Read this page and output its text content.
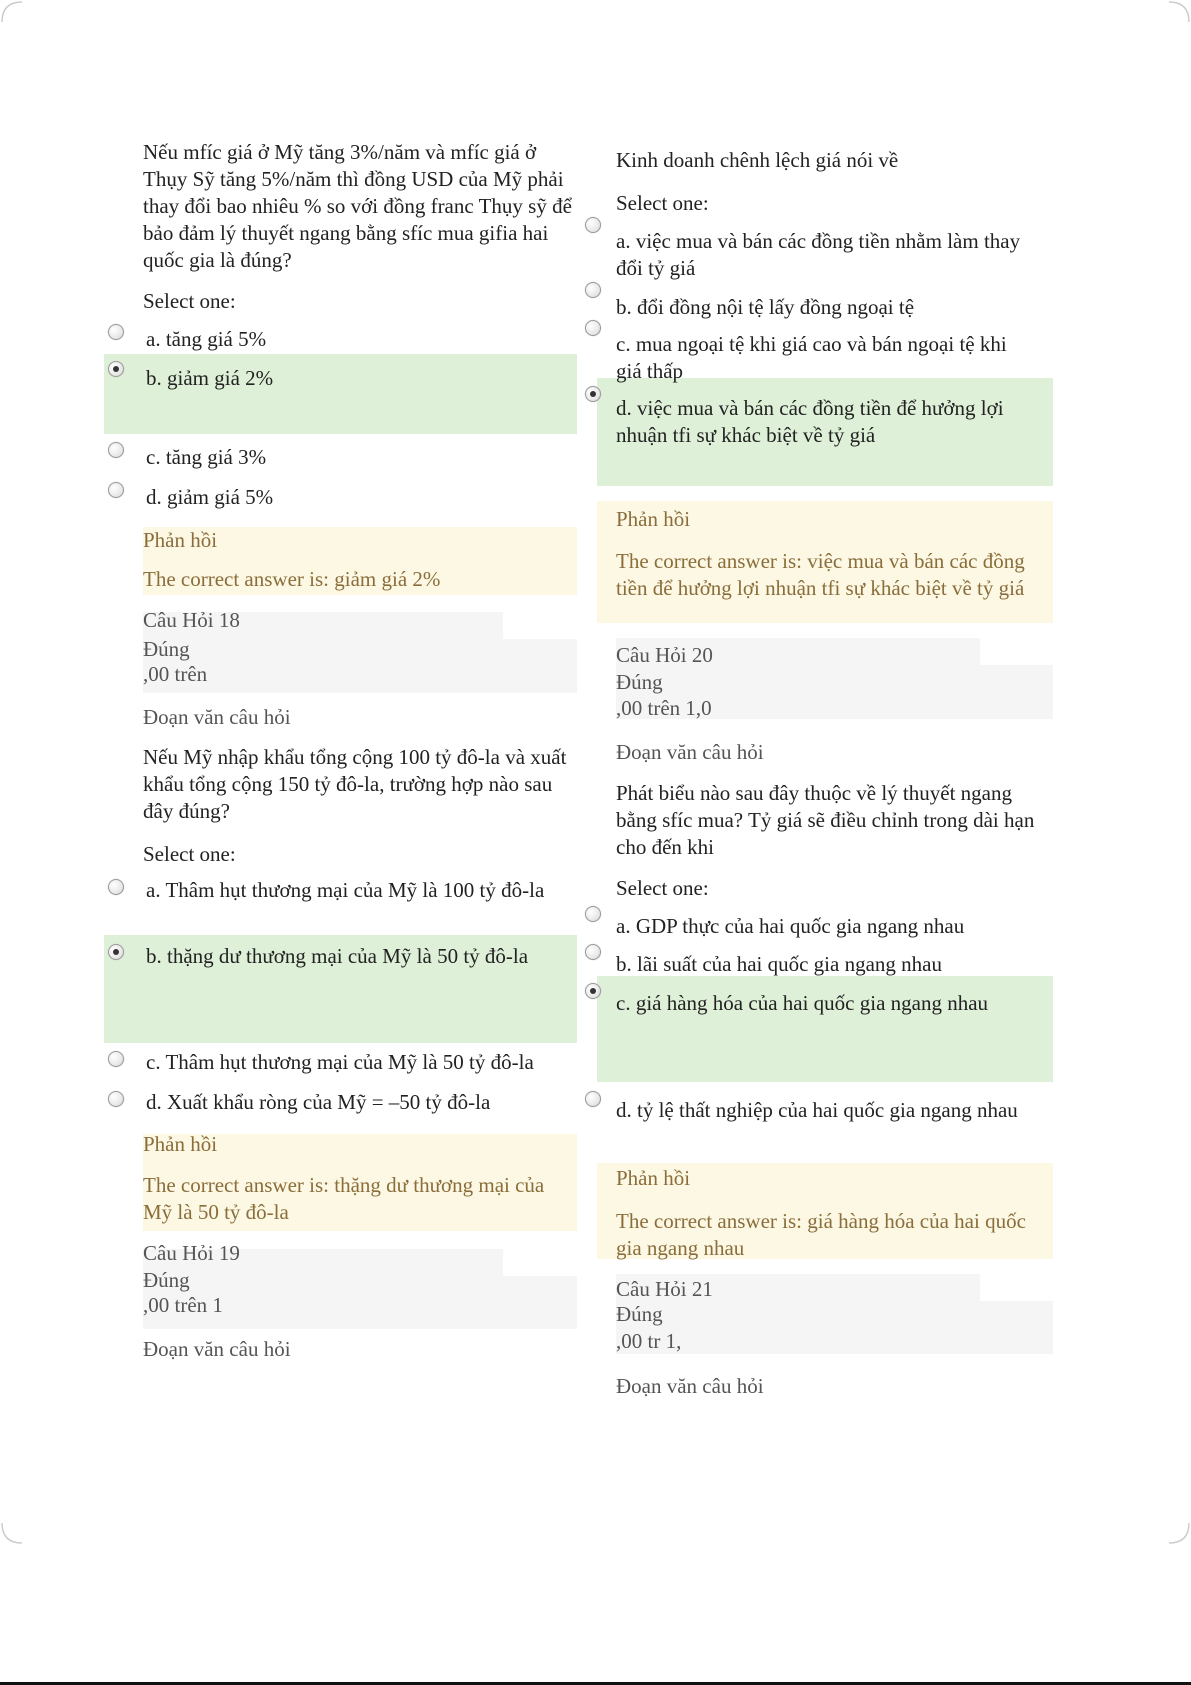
Nếu mfíc giá ở Mỹ tăng 3%/năm và mfíc giá ở Thụy Sỹ tăng 5%/năm thì đồng USD của Mỹ phải thay đổi bao nhiêu % so với đồng franc Thụy sỹ để bảo đảm lý thuyết ngang bằng sfíc mua gifia hai quốc gia là đúng?
Select one:
a. tăng giá 5%
b. giảm giá 2%
c. tăng giá 3%
d. giảm giá 5%
Phản hồi
The correct answer is: giảm giá 2%
Câu Hỏi 18
Đúng
,00 trên
Đoạn văn câu hỏi
Nếu Mỹ nhập khẩu tổng cộng 100 tỷ đô-la và xuất khẩu tổng cộng 150 tỷ đô-la, trường hợp nào sau đây đúng?
Select one:
a. Thâm hụt thương mại của Mỹ là 100 tỷ đô-la
b. thặng dư thương mại của Mỹ là 50 tỷ đô-la
c. Thâm hụt thương mại của Mỹ là 50 tỷ đô-la
d. Xuất khẩu ròng của Mỹ = –50 tỷ đô-la
Phản hồi
The correct answer is: thặng dư thương mại của Mỹ là 50 tỷ đô-la
Câu Hỏi 19
Đúng
,00 trên 1
Đoạn văn câu hỏi
Kinh doanh chênh lệch giá nói về
Select one:
a. việc mua và bán các đồng tiền nhằm làm thay đổi tỷ giá
b. đổi đồng nội tệ lấy đồng ngoại tệ
c. mua ngoại tệ khi giá cao và bán ngoại tệ khi giá thấp
d. việc mua và bán các đồng tiền để hưởng lợi nhuận tfi sự khác biệt về tỷ giá
Phản hồi
The correct answer is: việc mua và bán các đồng tiền để hưởng lợi nhuận tfi sự khác biệt về tỷ giá
Câu Hỏi 20
Đúng
,00 trên 1,0
Đoạn văn câu hỏi
Phát biểu nào sau đây thuộc về lý thuyết ngang bằng sfíc mua? Tỷ giá sẽ điều chỉnh trong dài hạn cho đến khi
Select one:
a. GDP thực của hai quốc gia ngang nhau
b. lãi suất của hai quốc gia ngang nhau
c. giá hàng hóa của hai quốc gia ngang nhau
d. tỷ lệ thất nghiệp của hai quốc gia ngang nhau
Phản hồi
The correct answer is: giá hàng hóa của hai quốc gia ngang nhau
Câu Hỏi 21
Đúng
,00 tr 1,
Đoạn văn câu hỏi
